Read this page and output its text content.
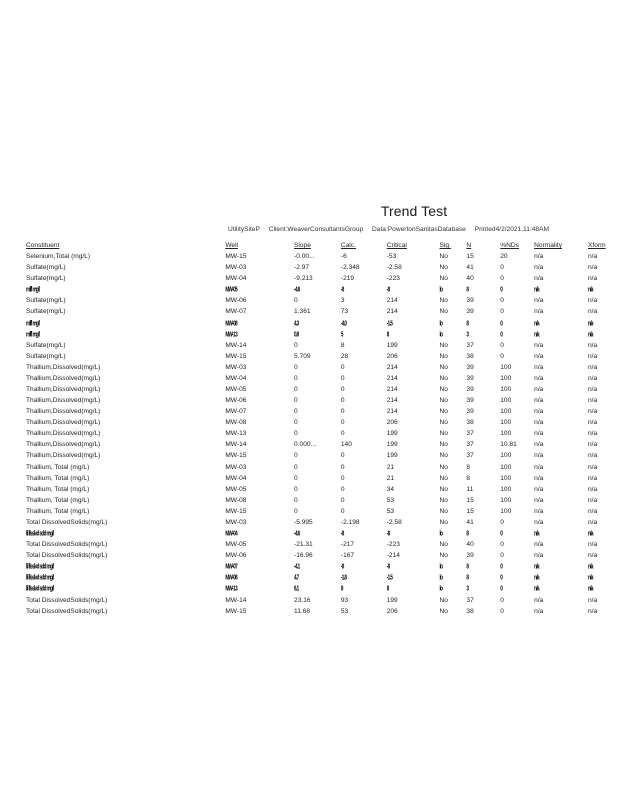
Trend Test
UtilitySiteP Client:WeaverConsultantsGroup Data:PowertonSanitasDatabase Printed4/2/2021,11:48AM
Constituent	Well	Slope	Calc.	Critical	Sig.	N	%NDs	Normality	Xform
Selenium,Total (mg/L)	MW-15	-0.00...	-6	-53	No	15	20	n/a	n/a
Sulfate(mg/L)	MW-03	-2.97	-2.348	-2.58	No	41	0	n/a	n/a
Sulfate(mg/L)	MW-04	-9.213	-219	-223	No	40	0	n/a	n/a
mlfl mg/l	MW-05	-4.6	-8	-8	lo	8	0	n/a	n/a
Sulfate(mg/L)	MW-06	0	3	214	No	39	0	n/a	n/a
Sulfate(mg/L)	MW-07	1.361	73	214	No	39	0	n/a	n/a
mlfl mg/l	MW-08	4.3	-4.0	-1.5	lo	8	0	n/a	n/a
mlfl mg/l	MW-13	0.8	5	8	lo	3	0	n/a	n/a
Sulfate(mg/L)	MW-14	0	8	199	No	37	0	n/a	n/a
Sulfate(mg/L)	MW-15	5.709	28	206	No	38	0	n/a	n/a
Thallium,Dissolved(mg/L)	MW-03	0	0	214	No	39	100	n/a	n/a
Thallium,Dissolved(mg/L)	MW-04	0	0	214	No	39	100	n/a	n/a
Thallium,Dissolved(mg/L)	MW-05	0	0	214	No	39	100	n/a	n/a
Thallium,Dissolved(mg/L)	MW-06	0	0	214	No	39	100	n/a	n/a
Thallium,Dissolved(mg/L)	MW-07	0	0	214	No	39	100	n/a	n/a
Thallium,Dissolved(mg/L)	MW-08	0	0	206	No	38	100	n/a	n/a
Thallium,Dissolved(mg/L)	MW-13	0	0	199	No	37	100	n/a	n/a
Thallium,Dissolved(mg/L)	MW-14	0.000...	140	199	No	37	10.81	n/a	n/a
Thallium,Dissolved(mg/L)	MW-15	0	0	199	No	37	100	n/a	n/a
Thallium, Total (mg/L)	MW-03	0	0	21	No	8	100	n/a	n/a
Thallium, Total (mg/L)	MW-04	0	0	21	No	8	100	n/a	n/a
Thallium, Total (mg/L)	MW-05	0	0	34	No	11	100	n/a	n/a
Thallium, Total (mg/L)	MW-08	0	0	53	No	15	100	n/a	n/a
Thallium, Total (mg/L)	MW-15	0	0	53	No	15	100	n/a	n/a
Total DissolvedSolids(mg/L)	MW-03	-5.995	-2.198	-2.58	No	41	0	n/a	n/a
lil llsslvd sdd mg/l	MW-04	-4.6	-8	-8	lo	8	0	n/a	n/a
Total DissolvedSolids(mg/L)	MW-05	-21.31	-217	-223	No	40	0	n/a	n/a
Total DissolvedSolids(mg/L)	MW-06	-16.96	-167	-214	No	39	0	n/a	n/a
lil llsslvd sdd mg/l	MW-07	-4.1	-8	-8	lo	8	0	n/a	n/a
lil llsslvd sdd mg/l	MW-08	4.7	-1.8	-1.5	lo	8	0	n/a	n/a
lil llsslvd sdd mg/l	MW-13	6.1	8	8	lo	3	0	n/a	n/a
Total DissolvedSolids(mg/L)	MW-14	23.16	93	199	No	37	0	n/a	n/a
Total DissolvedSolids(mg/L)	MW-15	11.68	53	206	No	38	0	n/a	n/a
